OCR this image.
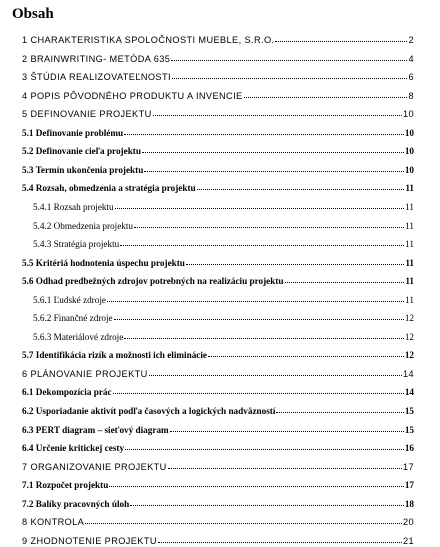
Obsah
1 CHARAKTERISTIKA SPOLOČNOSTI MUEBLE, S.R.O.	2
2 BRAINWRITING- METÓDA 635	4
3 ŠTÚDIA REALIZOVATEĽNOSTI	6
4 POPIS PÔVODNÉHO PRODUKTU A INVENCIE	8
5 DEFINOVANIE PROJEKTU	10
5.1 Definovanie problému	10
5.2 Definovanie cieľa projektu	10
5.3 Termín ukončenia projektu	10
5.4 Rozsah, obmedzenia a stratégia projektu	11
5.4.1 Rozsah projektu	11
5.4.2 Obmedzenia projektu	11
5.4.3 Stratégia projektu	11
5.5 Kritériá hodnotenia úspechu projektu	11
5.6 Odhad predbežných zdrojov potrebných na realizáciu projektu	11
5.6.1 Ľudské zdroje	11
5.6.2 Finančné zdroje	12
5.6.3 Materiálové zdroje	12
5.7 Identifikácia rizík a možnosti ich eliminácie	12
6 PLÁNOVANIE PROJEKTU	14
6.1 Dekompozícia prác	14
6.2 Usporiadanie aktivít podľa časových a logických nadväzností	15
6.3 PERT diagram – sieťový diagram	15
6.4 Určenie kritickej cesty	16
7 ORGANIZOVANIE PROJEKTU	17
7.1 Rozpočet projektu	17
7.2 Balíky pracovných úloh	18
8 KONTROLA	20
9 ZHODNOTENIE PROJEKTU	21
